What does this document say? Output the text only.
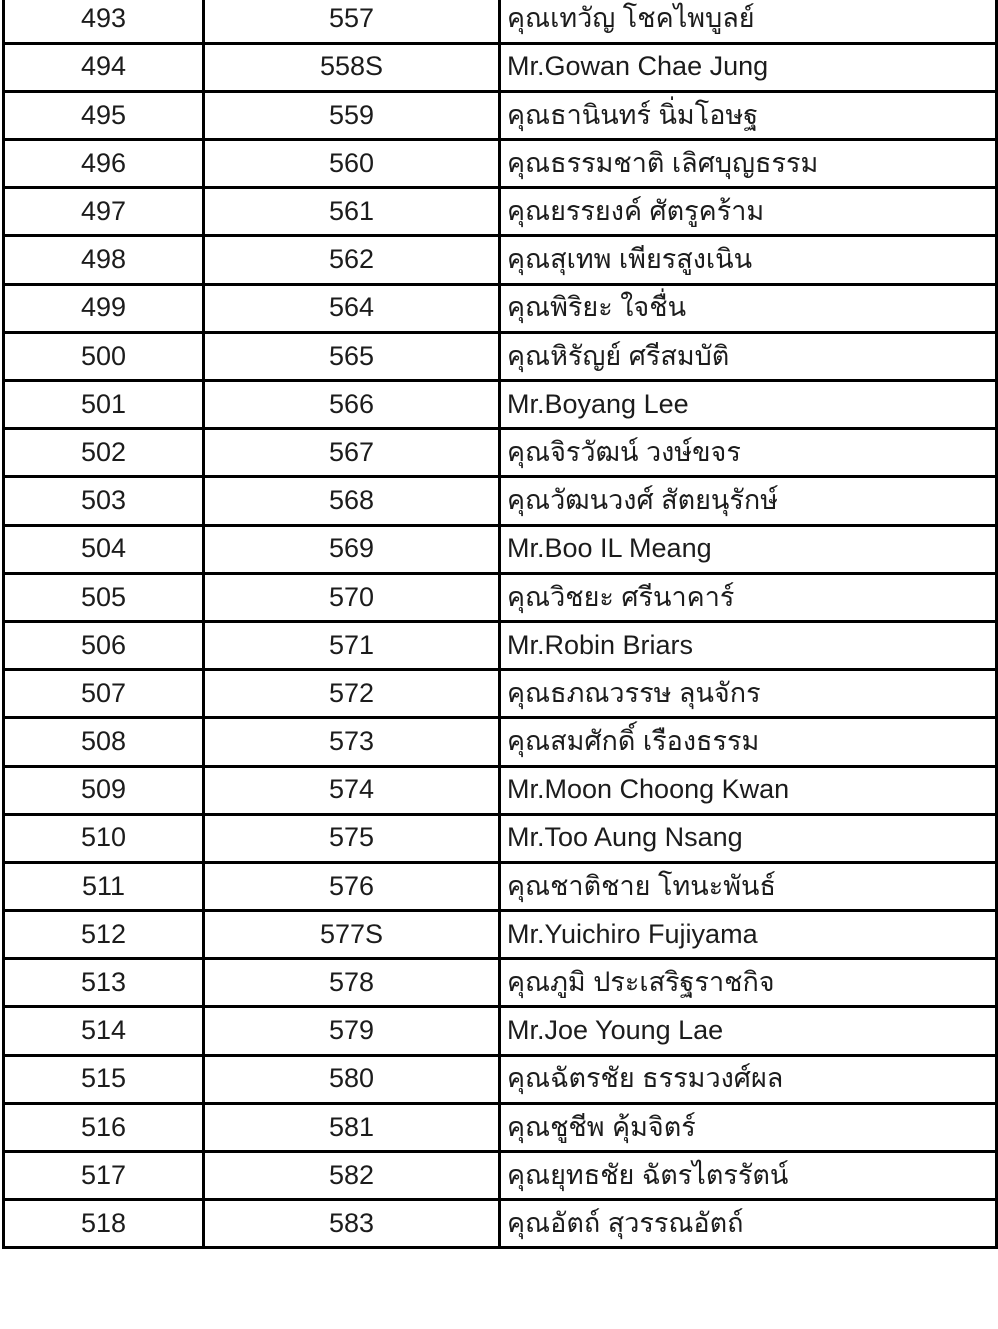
493	557	คุณเทวัญ โชคไพบูลย์
494	558S	Mr.Gowan Chae Jung
495	559	คุณธานินทร์ นิ่มโอษฐ
496	560	คุณธรรมชาติ เลิศบุญธรรม
497	561	คุณยรรยงค์ ศัตรูคร้าม
498	562	คุณสุเทพ เพียรสูงเนิน
499	564	คุณพิริยะ ใจชื่น
500	565	คุณหิรัญย์ ศรีสมบัติ
501	566	Mr.Boyang Lee
502	567	คุณจิรวัฒน์ วงษ์ขจร
503	568	คุณวัฒนวงศ์ สัตยนุรักษ์
504	569	Mr.Boo IL Meang
505	570	คุณวิชยะ ศรีนาคาร์
506	571	Mr.Robin Briars
507	572	คุณธภณวรรษ ลุนจักร
508	573	คุณสมศักดิ์ เรืองธรรม
509	574	Mr.Moon Choong Kwan
510	575	Mr.Too Aung Nsang
511	576	คุณชาติชาย โทนะพันธ์
512	577S	Mr.Yuichiro Fujiyama
513	578	คุณภูมิ ประเสริฐราชกิจ
514	579	Mr.Joe Young Lae
515	580	คุณฉัตรชัย ธรรมวงศ์ผล
516	581	คุณชูชีพ คุ้มจิตร์
517	582	คุณยุทธชัย ฉัตรไตรรัตน์
518	583	คุณอัตถ์ สุวรรณอัตถ์
